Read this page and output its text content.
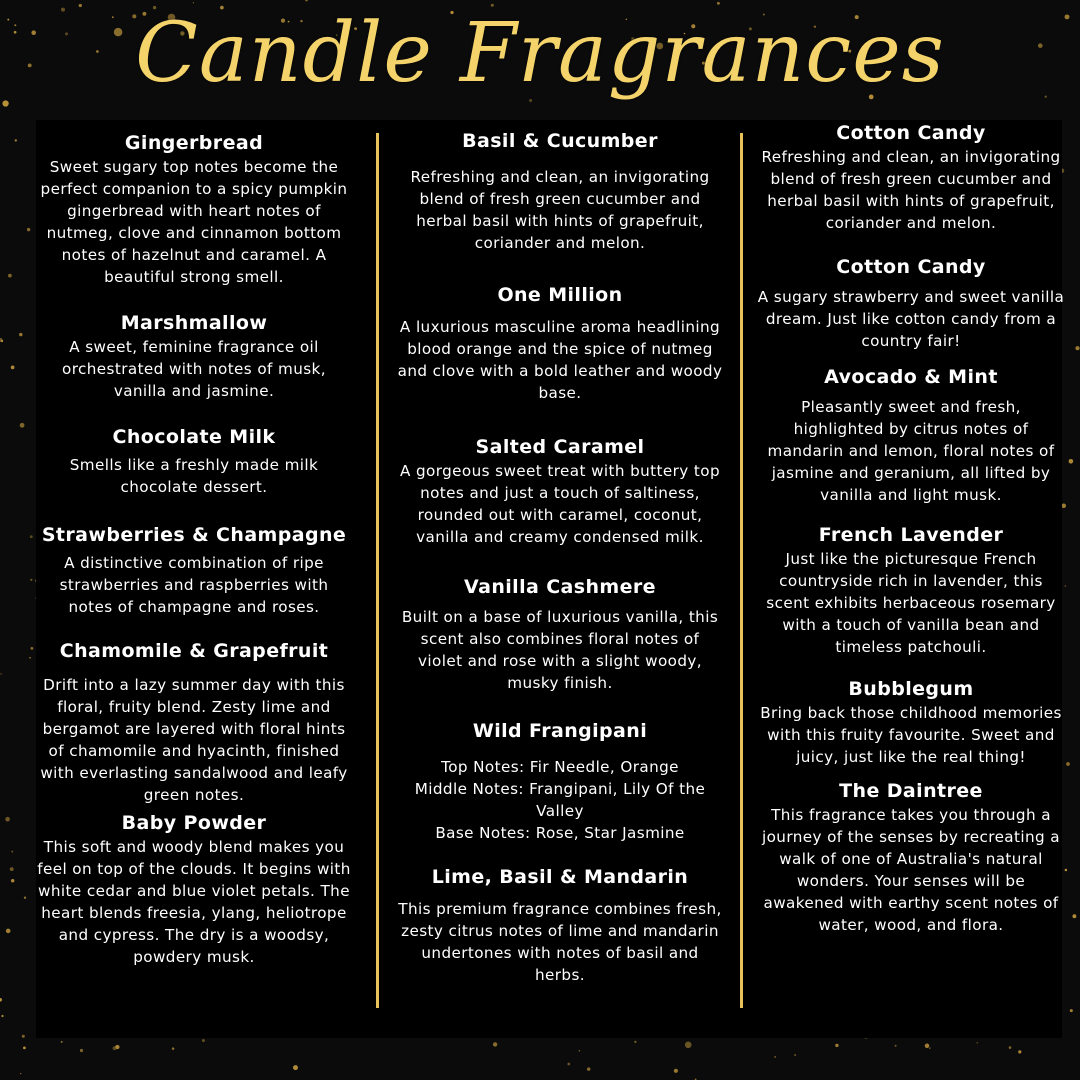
Candle Fragrances
Gingerbread

Sweet sugary top notes become the perfect companion to a spicy pumpkin gingerbread with heart notes of nutmeg, clove and cinnamon bottom notes of hazelnut and caramel. A beautiful strong smell.

Marshmallow

A sweet, feminine fragrance oil orchestrated with notes of musk, vanilla and jasmine.

Chocolate Milk

Smells like a freshly made milk chocolate dessert.

Strawberries & Champagne

A distinctive combination of ripe strawberries and raspberries with notes of champagne and roses.

Chamomile & Grapefruit

Drift into a lazy summer day with this floral, fruity blend. Zesty lime and bergamot are layered with floral hints of chamomile and hyacinth, finished with everlasting sandalwood and leafy green notes.

Baby Powder

This soft and woody blend makes you feel on top of the clouds. It begins with white cedar and blue violet petals. The heart blends freesia, ylang, heliotrope and cypress. The dry is a woodsy, powdery musk.

Basil & Cucumber

Refreshing and clean, an invigorating blend of fresh green cucumber and herbal basil with hints of grapefruit, coriander and melon.

One Million

A luxurious masculine aroma headlining blood orange and the spice of nutmeg and clove with a bold leather and woody base.

Salted Caramel

A gorgeous sweet treat with buttery top notes and just a touch of saltiness, rounded out with caramel, coconut, vanilla and creamy condensed milk.

Vanilla Cashmere

Built on a base of luxurious vanilla, this scent also combines floral notes of violet and rose with a slight woody, musky finish.

Wild Frangipani

Top Notes: Fir Needle, Orange
Middle Notes: Frangipani, Lily Of the Valley
Base Notes: Rose, Star Jasmine

Lime, Basil & Mandarin

This premium fragrance combines fresh, zesty citrus notes of lime and mandarin undertones with notes of basil and herbs.

Cotton Candy

Refreshing and clean, an invigorating blend of fresh green cucumber and herbal basil with hints of grapefruit, coriander and melon.

Cotton Candy

A sugary strawberry and sweet vanilla dream. Just like cotton candy from a country fair!

Avocado & Mint

Pleasantly sweet and fresh, highlighted by citrus notes of mandarin and lemon, floral notes of jasmine and geranium, all lifted by vanilla and light musk.

French Lavender

Just like the picturesque French countryside rich in lavender, this scent exhibits herbaceous rosemary with a touch of vanilla bean and timeless patchouli.

Bubblegum

Bring back those childhood memories with this fruity favourite. Sweet and juicy, just like the real thing!

The Daintree

This fragrance takes you through a journey of the senses by recreating a walk of one of Australia's natural wonders. Your senses will be awakened with earthy scent notes of water, wood, and flora.
